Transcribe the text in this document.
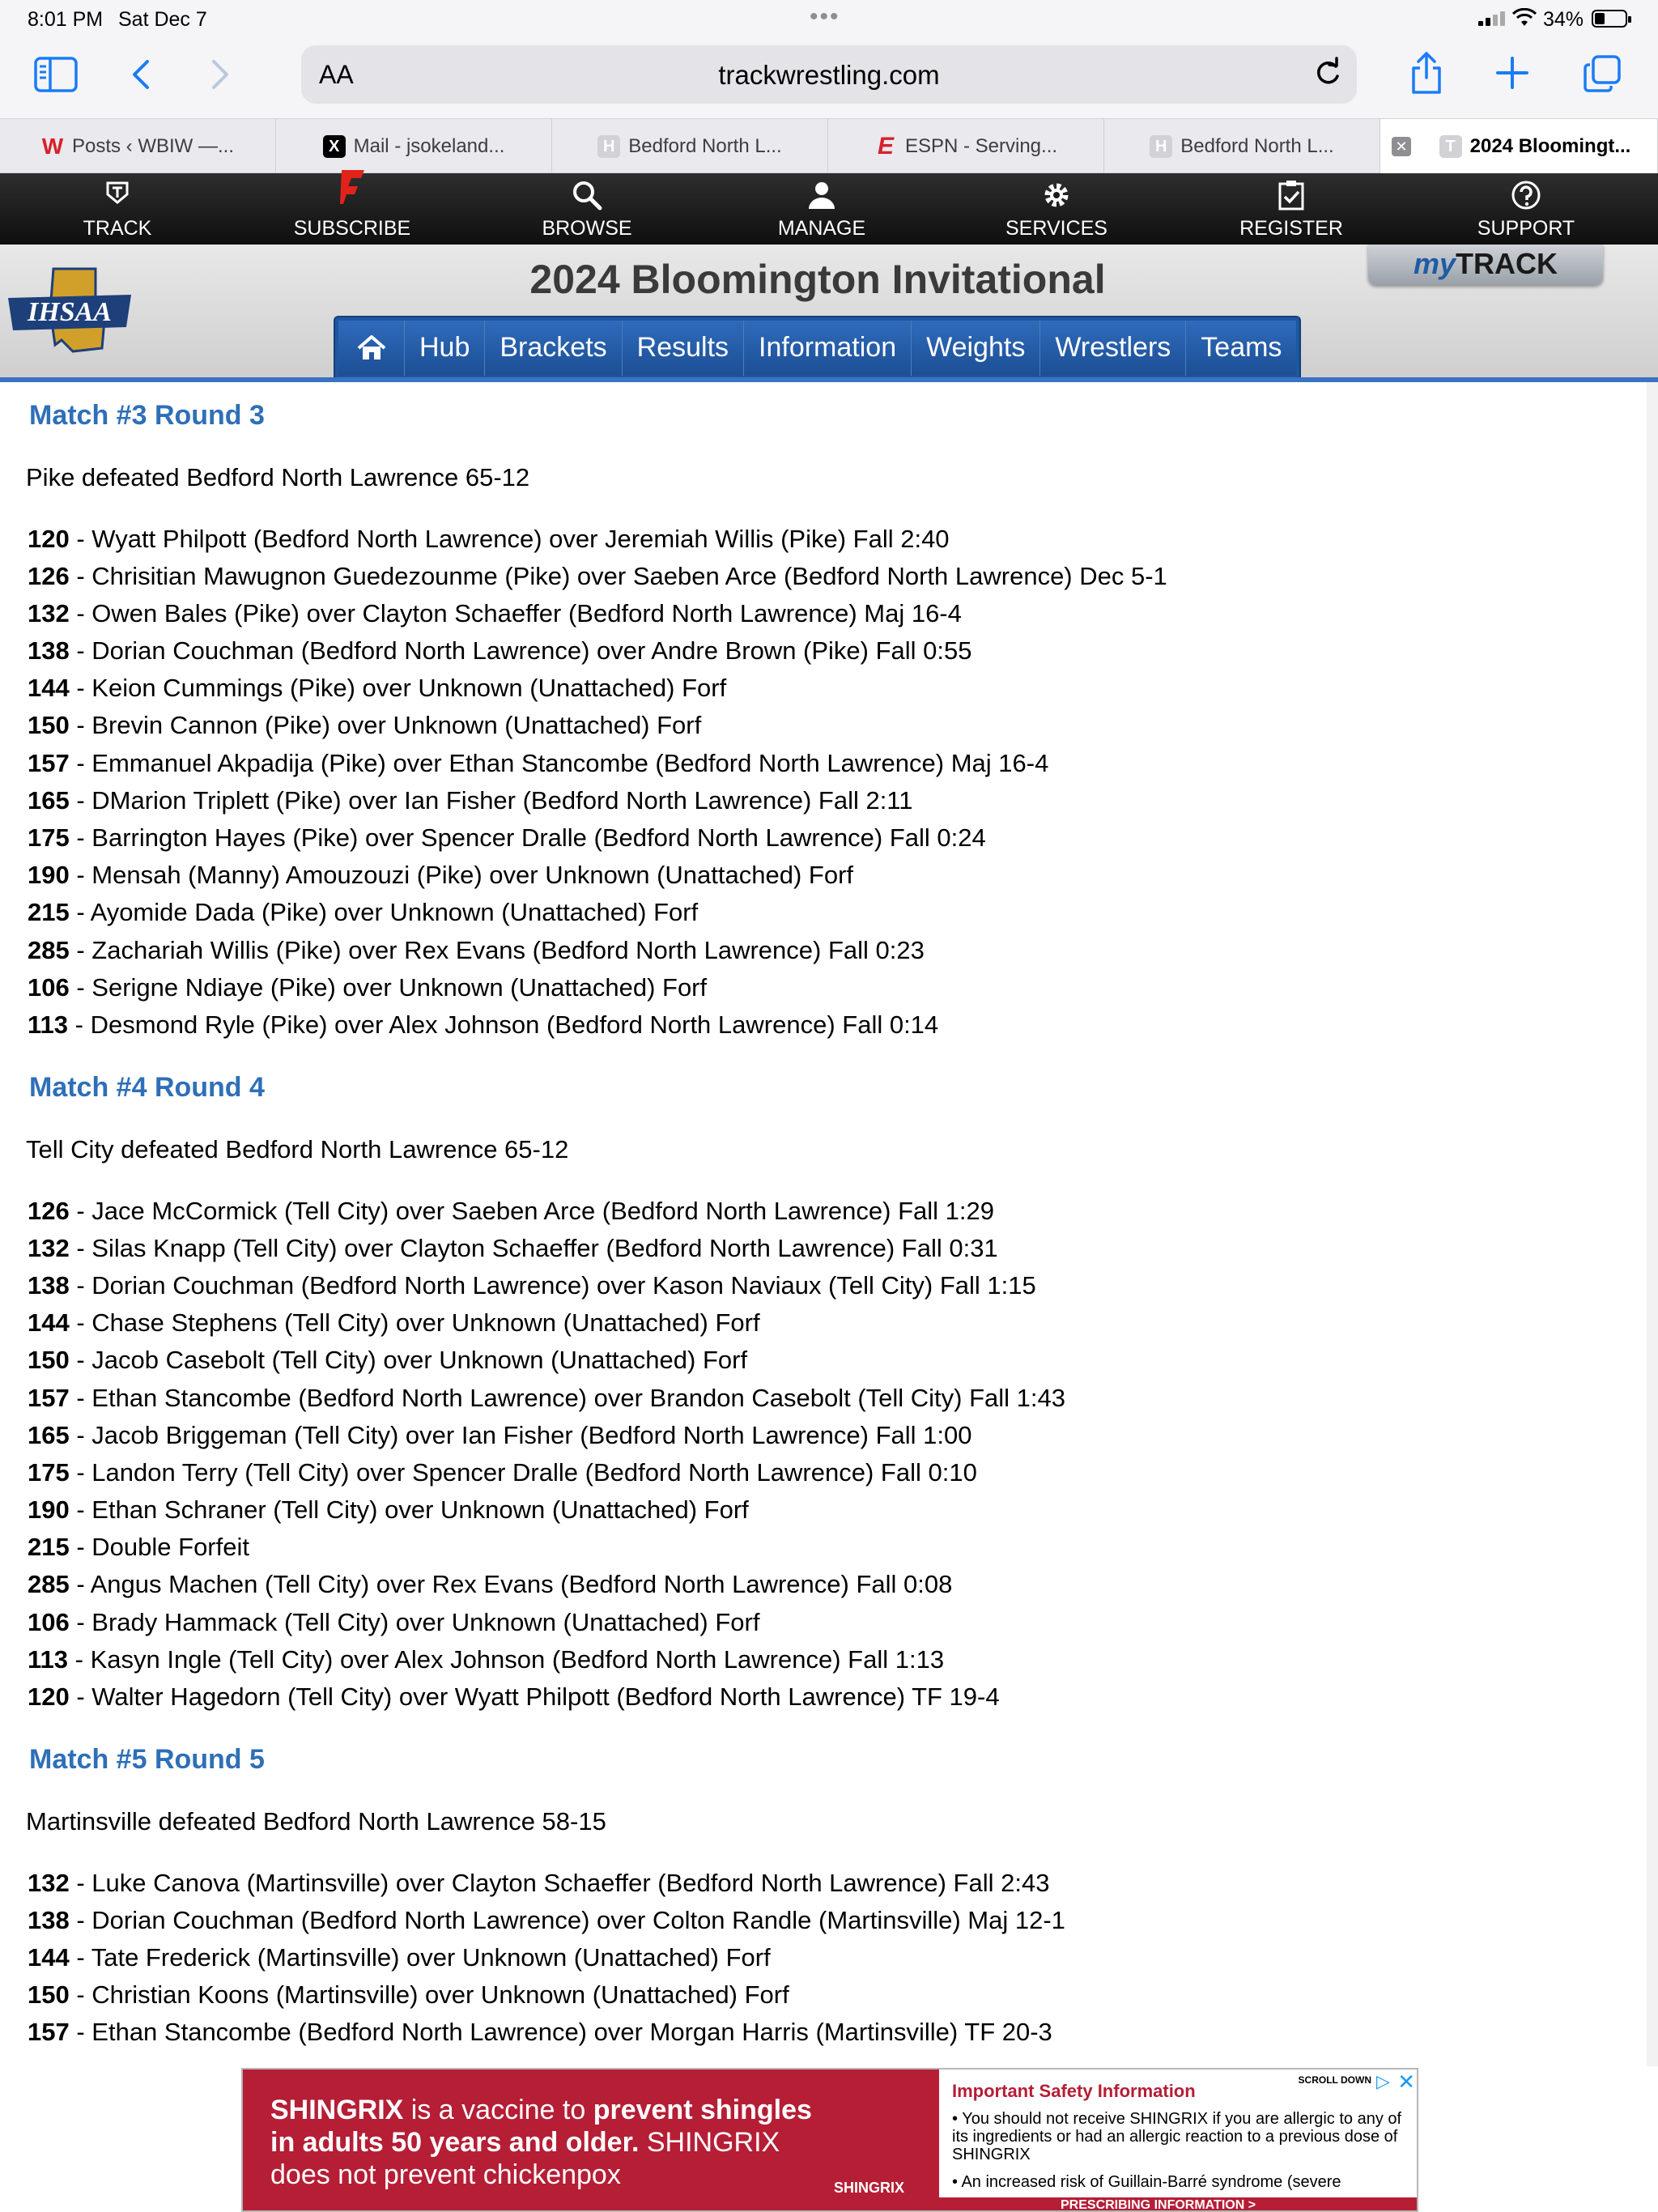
8:01 PM Sat Dec 7	•••	34%
AA	trackwrestling.com
W Posts ‹ WBIW —...	X Mail - jsokeland...	H Bedford North L...	E ESPN - Serving...	H Bedford North L...	✕	T 2024 Bloomingt...
TRACK	SUBSCRIBE	BROWSE	MANAGE	SERVICES	REGISTER	SUPPORT
IHSAA
2024 Bloomington Invitational	myTRACK
Hub	Brackets	Results	Information	Weights	Wrestlers	Teams
Match #3 Round 3
Pike defeated Bedford North Lawrence 65-12
120 - Wyatt Philpott (Bedford North Lawrence) over Jeremiah Willis (Pike) Fall 2:40
126 - Chrisitian Mawugnon Guedezounme (Pike) over Saeben Arce (Bedford North Lawrence) Dec 5-1
132 - Owen Bales (Pike) over Clayton Schaeffer (Bedford North Lawrence) Maj 16-4
138 - Dorian Couchman (Bedford North Lawrence) over Andre Brown (Pike) Fall 0:55
144 - Keion Cummings (Pike) over Unknown (Unattached) Forf
150 - Brevin Cannon (Pike) over Unknown (Unattached) Forf
157 - Emmanuel Akpadija (Pike) over Ethan Stancombe (Bedford North Lawrence) Maj 16-4
165 - DMarion Triplett (Pike) over Ian Fisher (Bedford North Lawrence) Fall 2:11
175 - Barrington Hayes (Pike) over Spencer Dralle (Bedford North Lawrence) Fall 0:24
190 - Mensah (Manny) Amouzouzi (Pike) over Unknown (Unattached) Forf
215 - Ayomide Dada (Pike) over Unknown (Unattached) Forf
285 - Zachariah Willis (Pike) over Rex Evans (Bedford North Lawrence) Fall 0:23
106 - Serigne Ndiaye (Pike) over Unknown (Unattached) Forf
113 - Desmond Ryle (Pike) over Alex Johnson (Bedford North Lawrence) Fall 0:14
Match #4 Round 4
Tell City defeated Bedford North Lawrence 65-12
126 - Jace McCormick (Tell City) over Saeben Arce (Bedford North Lawrence) Fall 1:29
132 - Silas Knapp (Tell City) over Clayton Schaeffer (Bedford North Lawrence) Fall 0:31
138 - Dorian Couchman (Bedford North Lawrence) over Kason Naviaux (Tell City) Fall 1:15
144 - Chase Stephens (Tell City) over Unknown (Unattached) Forf
150 - Jacob Casebolt (Tell City) over Unknown (Unattached) Forf
157 - Ethan Stancombe (Bedford North Lawrence) over Brandon Casebolt (Tell City) Fall 1:43
165 - Jacob Briggeman (Tell City) over Ian Fisher (Bedford North Lawrence) Fall 1:00
175 - Landon Terry (Tell City) over Spencer Dralle (Bedford North Lawrence) Fall 0:10
190 - Ethan Schraner (Tell City) over Unknown (Unattached) Forf
215 - Double Forfeit
285 - Angus Machen (Tell City) over Rex Evans (Bedford North Lawrence) Fall 0:08
106 - Brady Hammack (Tell City) over Unknown (Unattached) Forf
113 - Kasyn Ingle (Tell City) over Alex Johnson (Bedford North Lawrence) Fall 1:13
120 - Walter Hagedorn (Tell City) over Wyatt Philpott (Bedford North Lawrence) TF 19-4
Match #5 Round 5
Martinsville defeated Bedford North Lawrence 58-15
132 - Luke Canova (Martinsville) over Clayton Schaeffer (Bedford North Lawrence) Fall 2:43
138 - Dorian Couchman (Bedford North Lawrence) over Colton Randle (Martinsville) Maj 12-1
144 - Tate Frederick (Martinsville) over Unknown (Unattached) Forf
150 - Christian Koons (Martinsville) over Unknown (Unattached) Forf
157 - Ethan Stancombe (Bedford North Lawrence) over Morgan Harris (Martinsville) TF 20-3
SHINGRIX is a vaccine to prevent shingles
in adults 50 years and older. SHINGRIX
does not prevent chickenpox	SHINGRIX
Important Safety Information
SCROLL DOWN ▷ ✕
• You should not receive SHINGRIX if you are allergic to any of its ingredients or had an allergic reaction to a previous dose of SHINGRIX
• An increased risk of Guillain-Barré syndrome (severe
PRESCRIBING INFORMATION >
